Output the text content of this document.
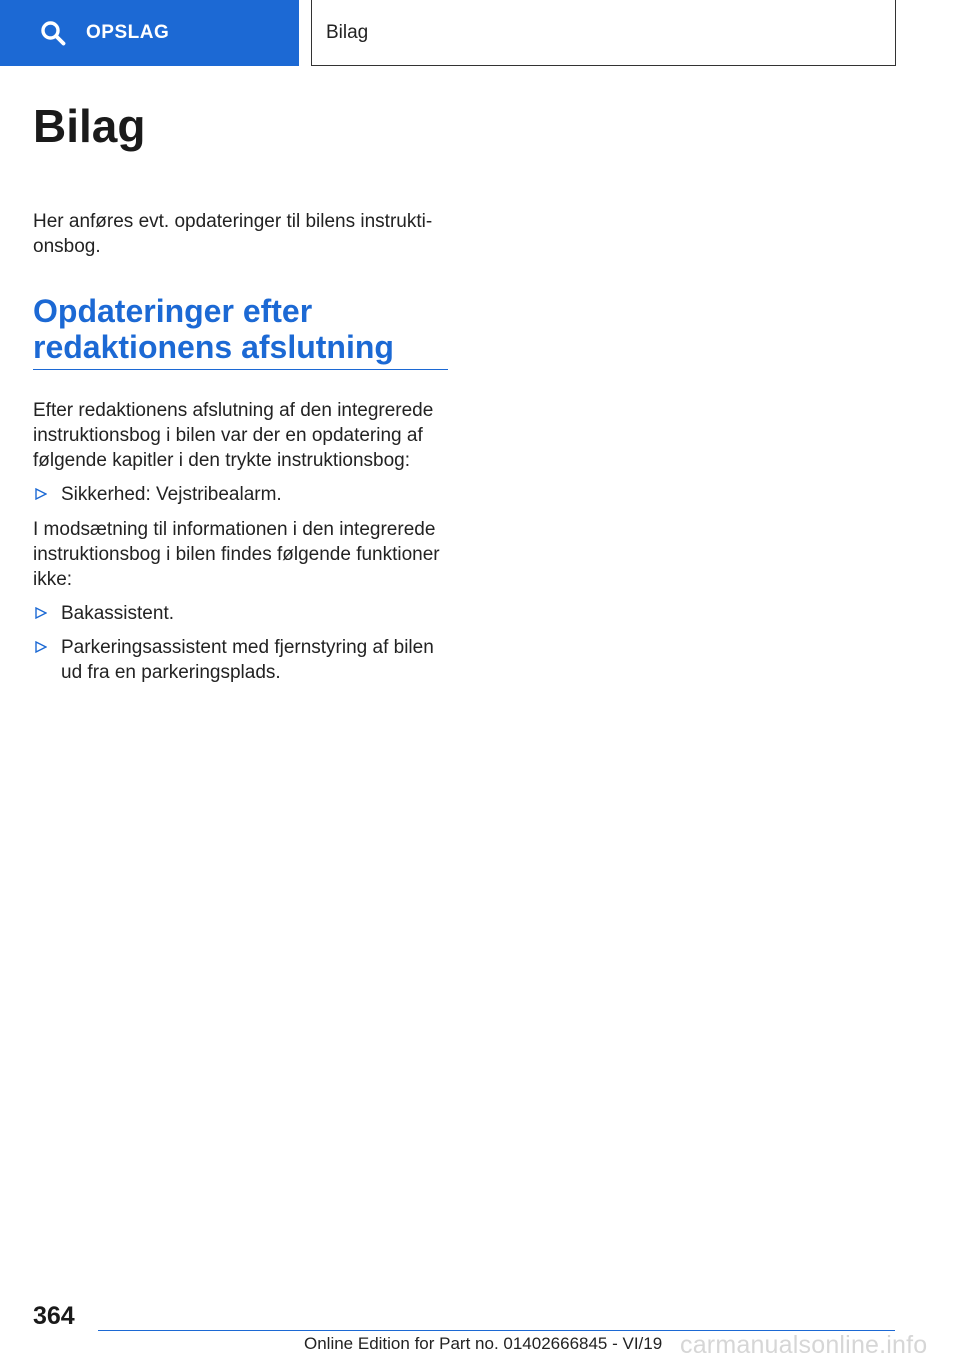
OPSLAG	Bilag
Bilag

Her anføres evt. opdateringer til bilens instrukti-onsbog.

Opdateringer efter redaktionens afslutning

Efter redaktionens afslutning af den integrerede instruktionsbog i bilen var der en opdatering af følgende kapitler i den trykte instruktionsbog:

Sikkerhed: Vejstribealarm.

I modsætning til informationen i den integrerede instruktionsbog i bilen findes følgende funktioner ikke:

Bakassistent.
Parkeringsassistent med fjernstyring af bilen ud fra en parkeringsplads.
364
Online Edition for Part no. 01402666845 - VI/19 carmanualsonline.info
